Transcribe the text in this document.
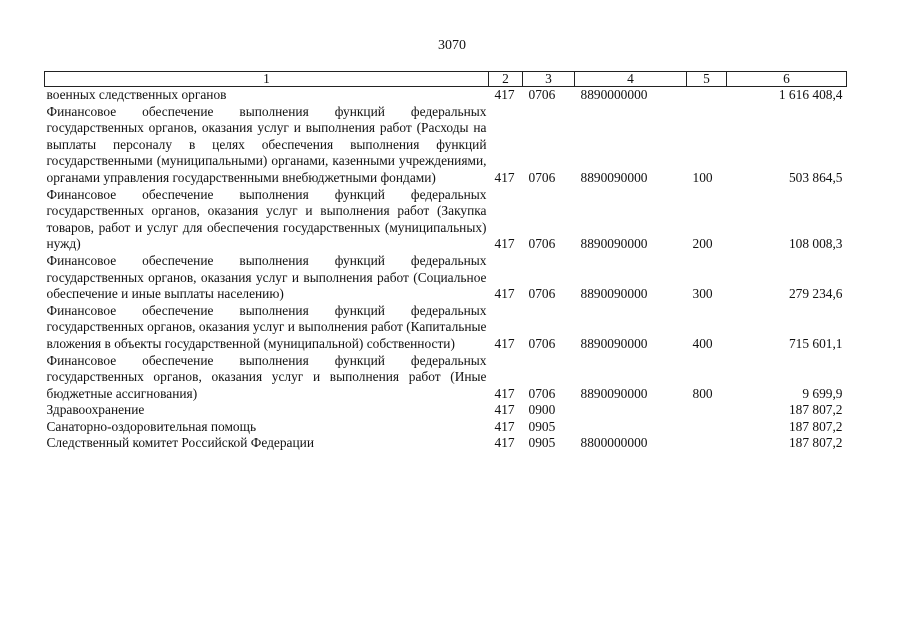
3070
1	2	3	4	5	6
военных следственных органов	417	0706	8890000000		1 616 408,4
Финансовое обеспечение выполнения функций федеральных государственных органов, оказания услуг и выполнения работ (Расходы на выплаты персоналу в целях обеспечения выполнения функций государственными (муниципальными) органами, казенными учреждениями, органами управления государственными внебюджетными фондами)	417	0706	8890090000	100	503 864,5
Финансовое обеспечение выполнения функций федеральных государственных органов, оказания услуг и выполнения работ (Закупка товаров, работ и услуг для обеспечения государственных (муниципальных) нужд)	417	0706	8890090000	200	108 008,3
Финансовое обеспечение выполнения функций федеральных государственных органов, оказания услуг и выполнения работ (Социальное обеспечение и иные выплаты населению)	417	0706	8890090000	300	279 234,6
Финансовое обеспечение выполнения функций федеральных государственных органов, оказания услуг и выполнения работ (Капитальные вложения в объекты государственной (муниципальной) собственности)	417	0706	8890090000	400	715 601,1
Финансовое обеспечение выполнения функций федеральных государственных органов, оказания услуг и выполнения работ (Иные бюджетные ассигнования)	417	0706	8890090000	800	9 699,9
Здравоохранение	417	0900			187 807,2
Санаторно-оздоровительная помощь	417	0905			187 807,2
Следственный комитет Российской Федерации	417	0905	8800000000		187 807,2
